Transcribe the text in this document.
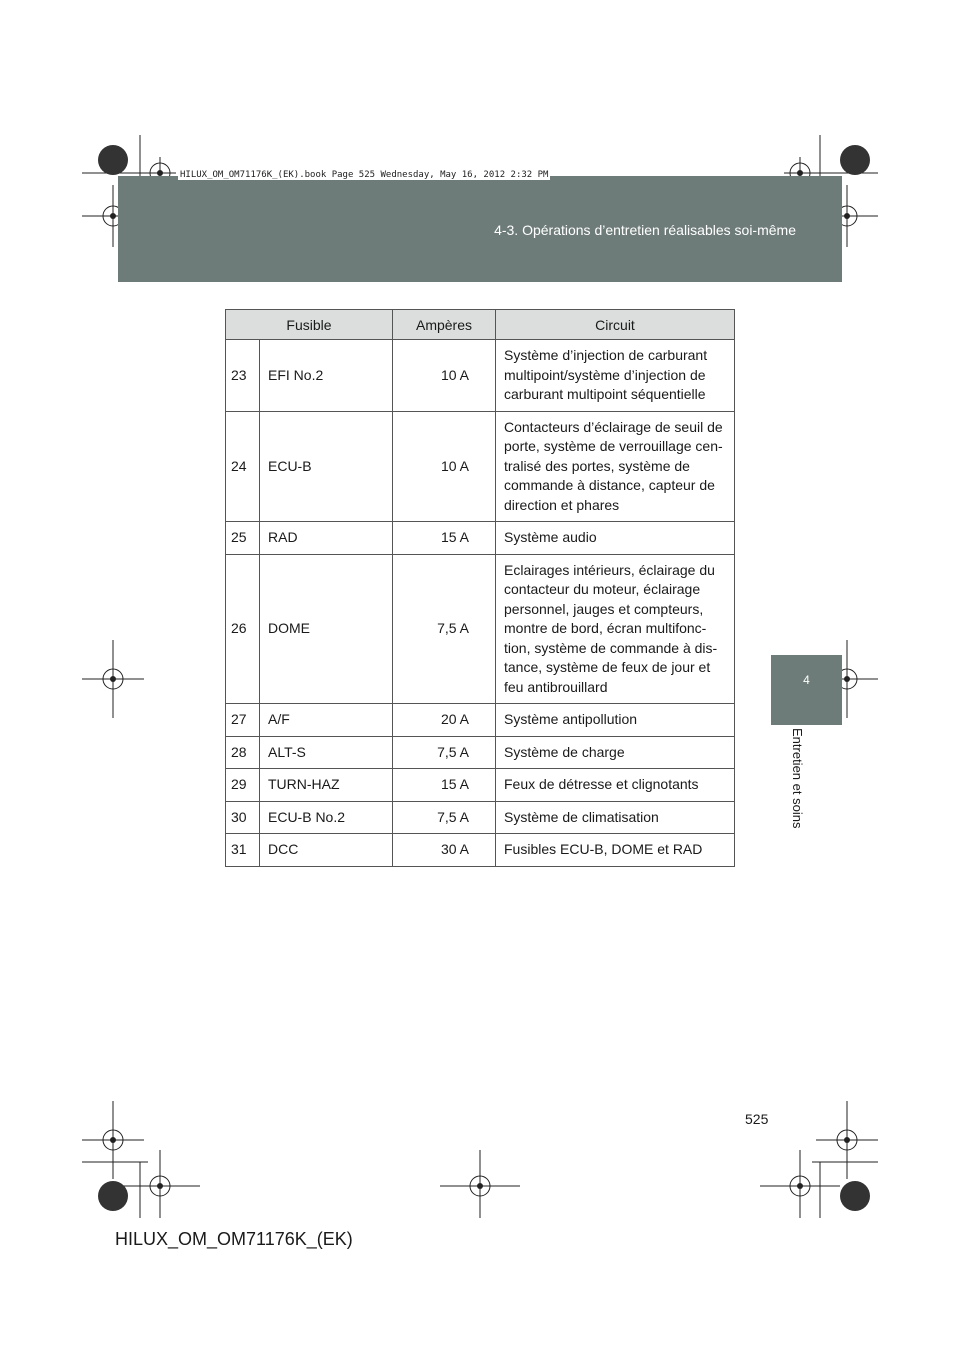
4-3. Opérations d’entretien réalisables soi-même
HILUX_OM_OM71176K_(EK).book Page 525 Wednesday, May 16, 2012 2:32 PM
4
Entretien et soins
Fusible		Ampères	Circuit
23	EFI No.2	10 A	Système d’injection de carburant multipoint/système d’injection de carburant multipoint séquentielle
24	ECU-B	10 A	Contacteurs d’éclairage de seuil de porte, système de verrouillage cen-tralisé des portes, système de commande à distance, capteur de direction et phares
25	RAD	15 A	Système audio
26	DOME	7,5 A	Eclairages intérieurs, éclairage du contacteur du moteur, éclairage personnel, jauges et compteurs, montre de bord, écran multifonc-tion, système de commande à dis-tance, système de feux de jour et feu antibrouillard
27	A/F	20 A	Système antipollution
28	ALT-S	7,5 A	Système de charge
29	TURN-HAZ	15 A	Feux de détresse et clignotants
30	ECU-B No.2	7,5 A	Système de climatisation
31	DCC	30 A	Fusibles ECU-B, DOME et RAD
525
HILUX_OM_OM71176K_(EK)
